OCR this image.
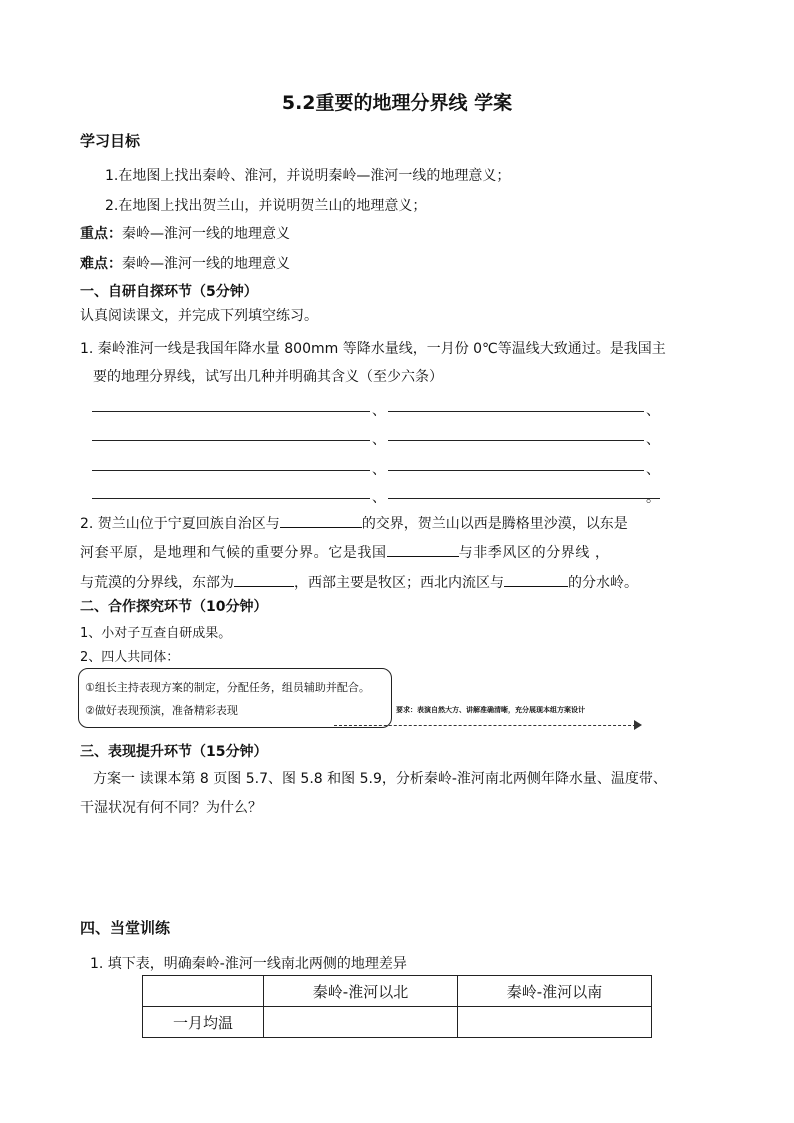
5.2重要的地理分界线 学案
学习目标
1.在地图上找出秦岭、淮河，并说明秦岭—淮河一线的地理意义；
2.在地图上找出贺兰山，并说明贺兰山的地理意义；
重点：秦岭—淮河一线的地理意义
难点：秦岭—淮河一线的地理意义
一、自研自探环节（5分钟）
认真阅读课文，并完成下列填空练习。
1. 秦岭淮河一线是我国年降水量 800mm 等降水量线，一月份 0℃等温线大致通过。是我国主
要的地理分界线，试写出几种并明确其含义（至少六条）
、	、
、	、
、	、
、	。
2. 贺兰山位于宁夏回族自治区与	的交界，贺兰山以西是腾格里沙漠，以东是
河套平原，是地理和气候的重要分界。它是我国	与非季风区的分界线 ，
与荒漠的分界线，东部为	，西部主要是牧区；西北内流区与	的分水岭。
二、合作探究环节（10分钟）
1、小对子互查自研成果。
2、四人共同体：
①组长主持表现方案的制定，分配任务，组员辅助并配合。
②做好表现预演，准备精彩表现	要求：表演自然大方、讲解准确清晰，充分展现本组方案设计
三、表现提升环节（15分钟）
方案一 读课本第 8 页图 5.7、图 5.8 和图 5.9，分析秦岭-淮河南北两侧年降水量、温度带、
干湿状况有何不同？为什么？
四、当堂训练
1. 填下表，明确秦岭-淮河一线南北两侧的地理差异
	秦岭-淮河以北	秦岭-淮河以南
一月均温		
